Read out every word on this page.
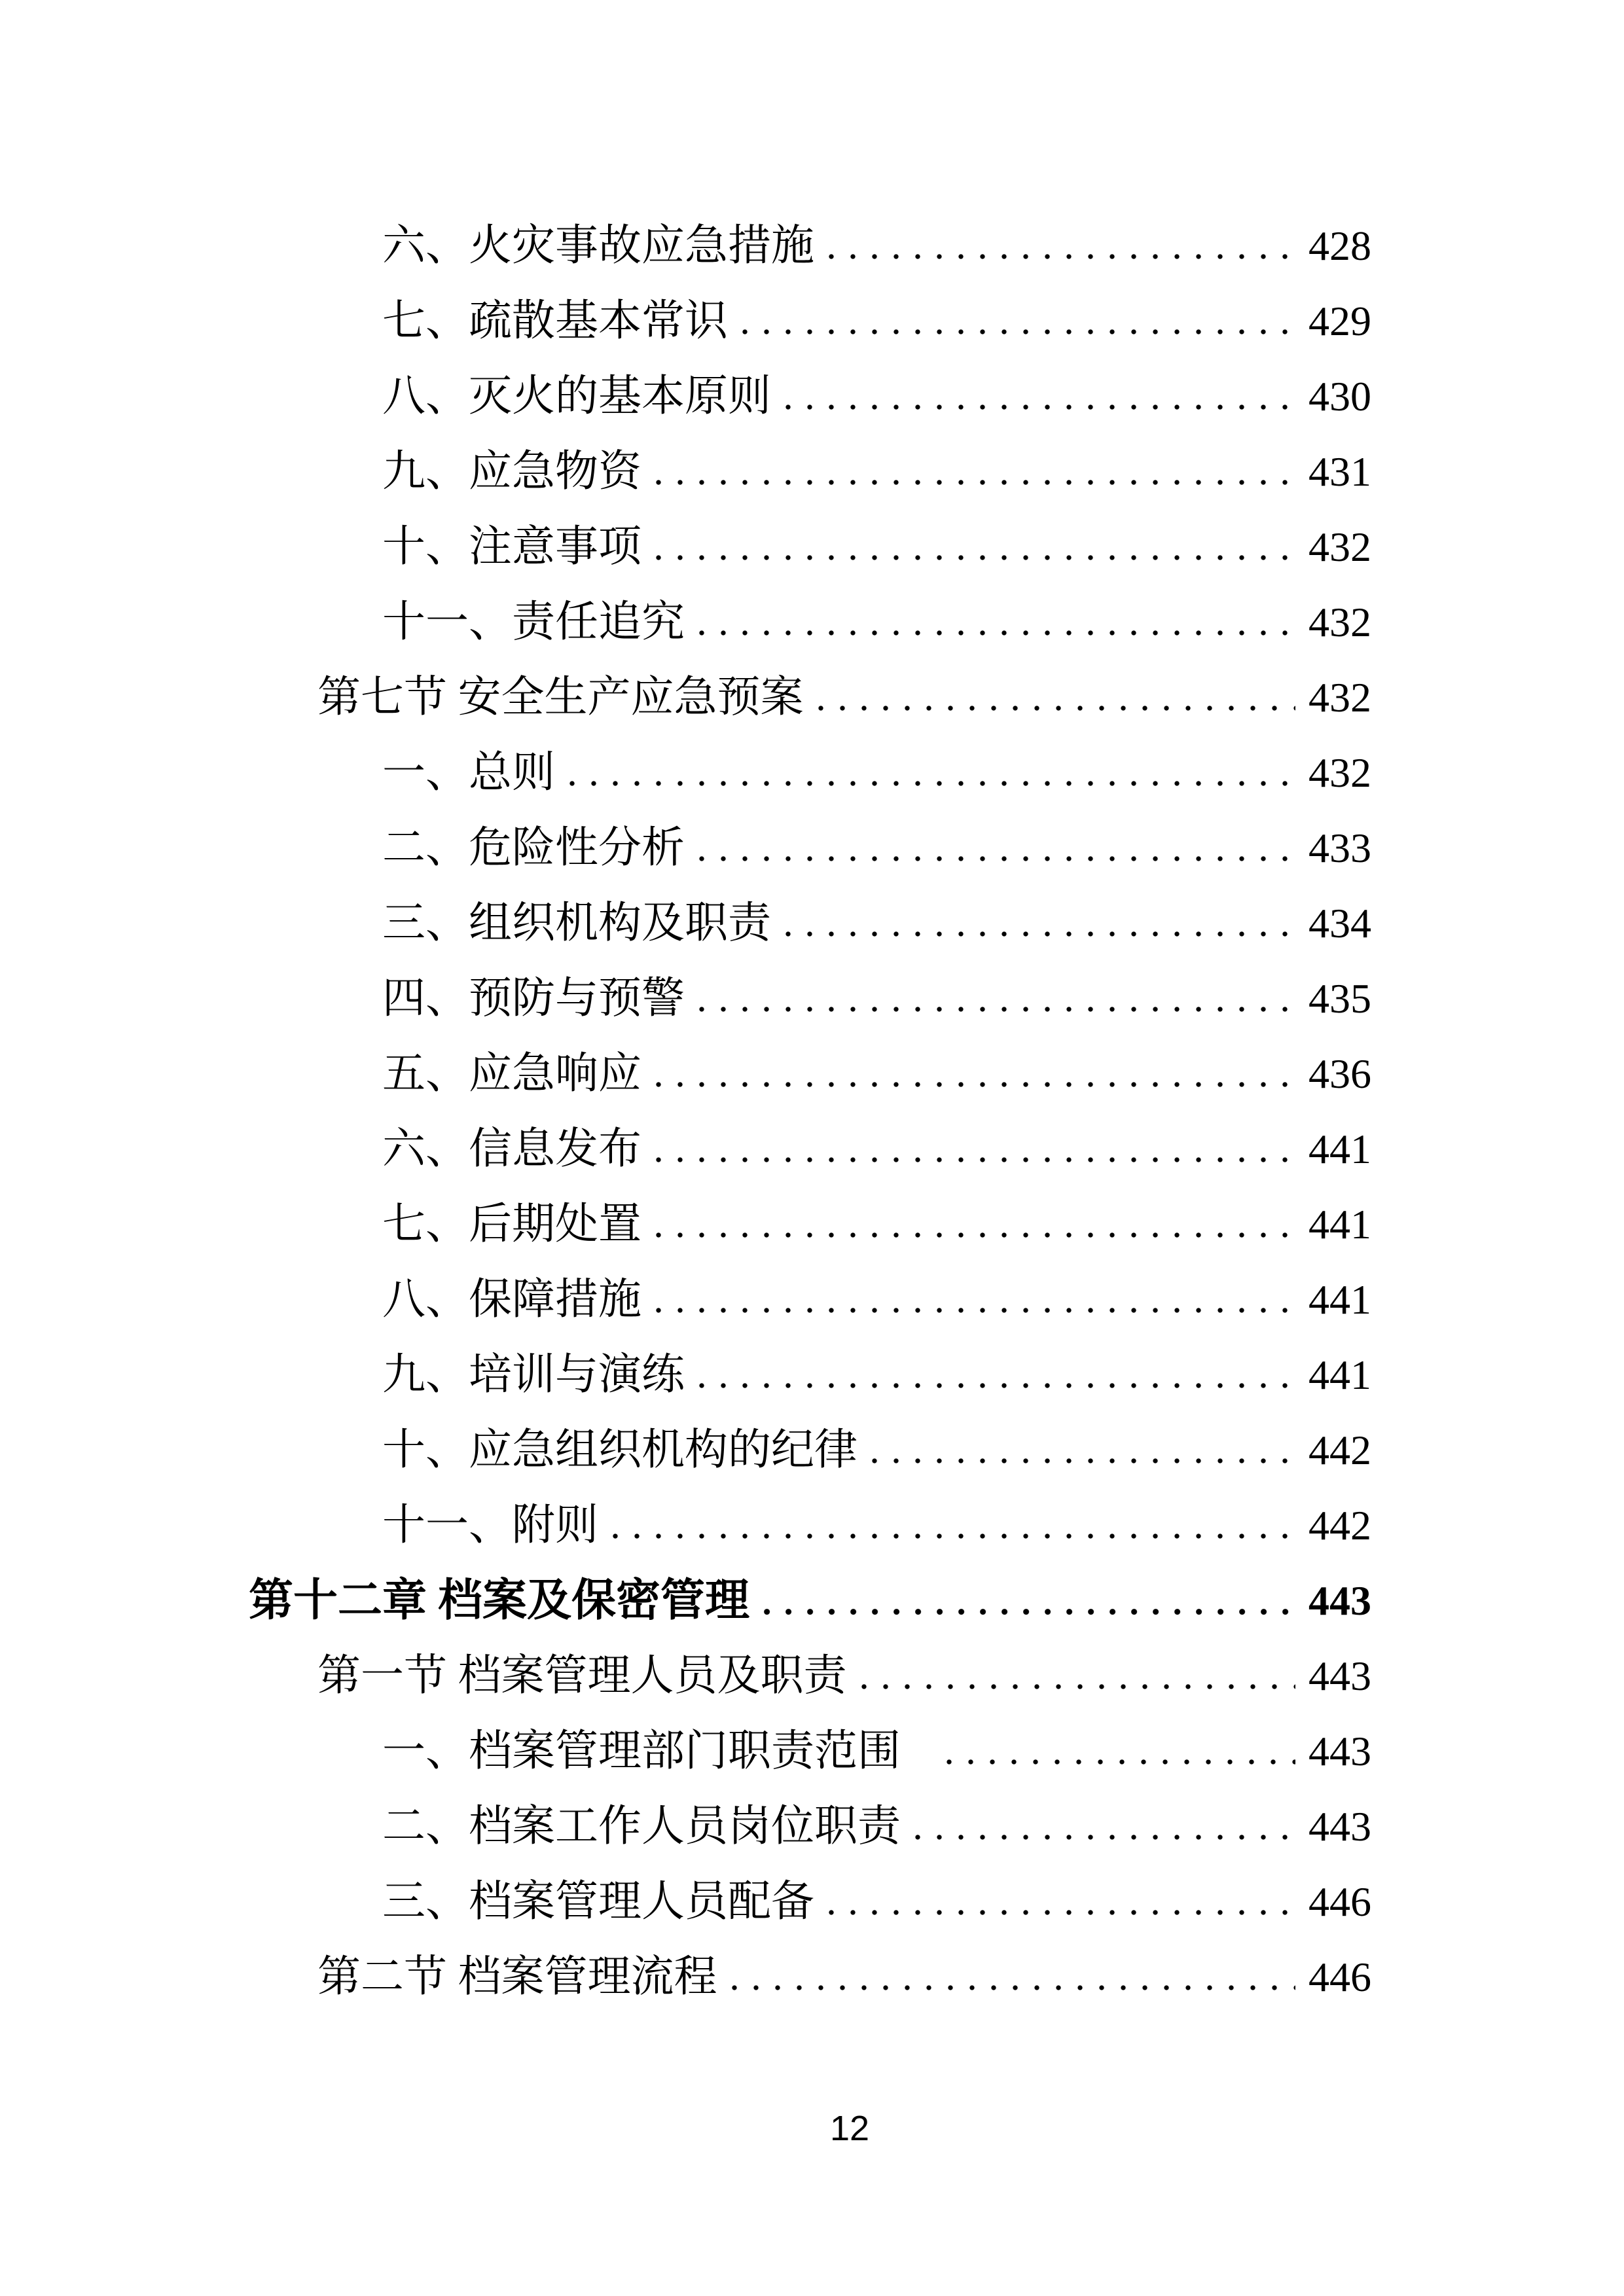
六、火灾事故应急措施	428
七、疏散基本常识	429
八、灭火的基本原则	430
九、应急物资	431
十、注意事项	432
十一、责任追究	432
第七节 安全生产应急预案	432
一、总则	432
二、危险性分析	433
三、组织机构及职责	434
四、预防与预警	435
五、应急响应	436
六、信息发布	441
七、后期处置	441
八、保障措施	441
九、培训与演练	441
十、应急组织机构的纪律	442
十一、附则	442
第十二章 档案及保密管理	443
第一节 档案管理人员及职责	443
一、档案管理部门职责范围	443
二、档案工作人员岗位职责	443
三、档案管理人员配备	446
第二节 档案管理流程	446
12
